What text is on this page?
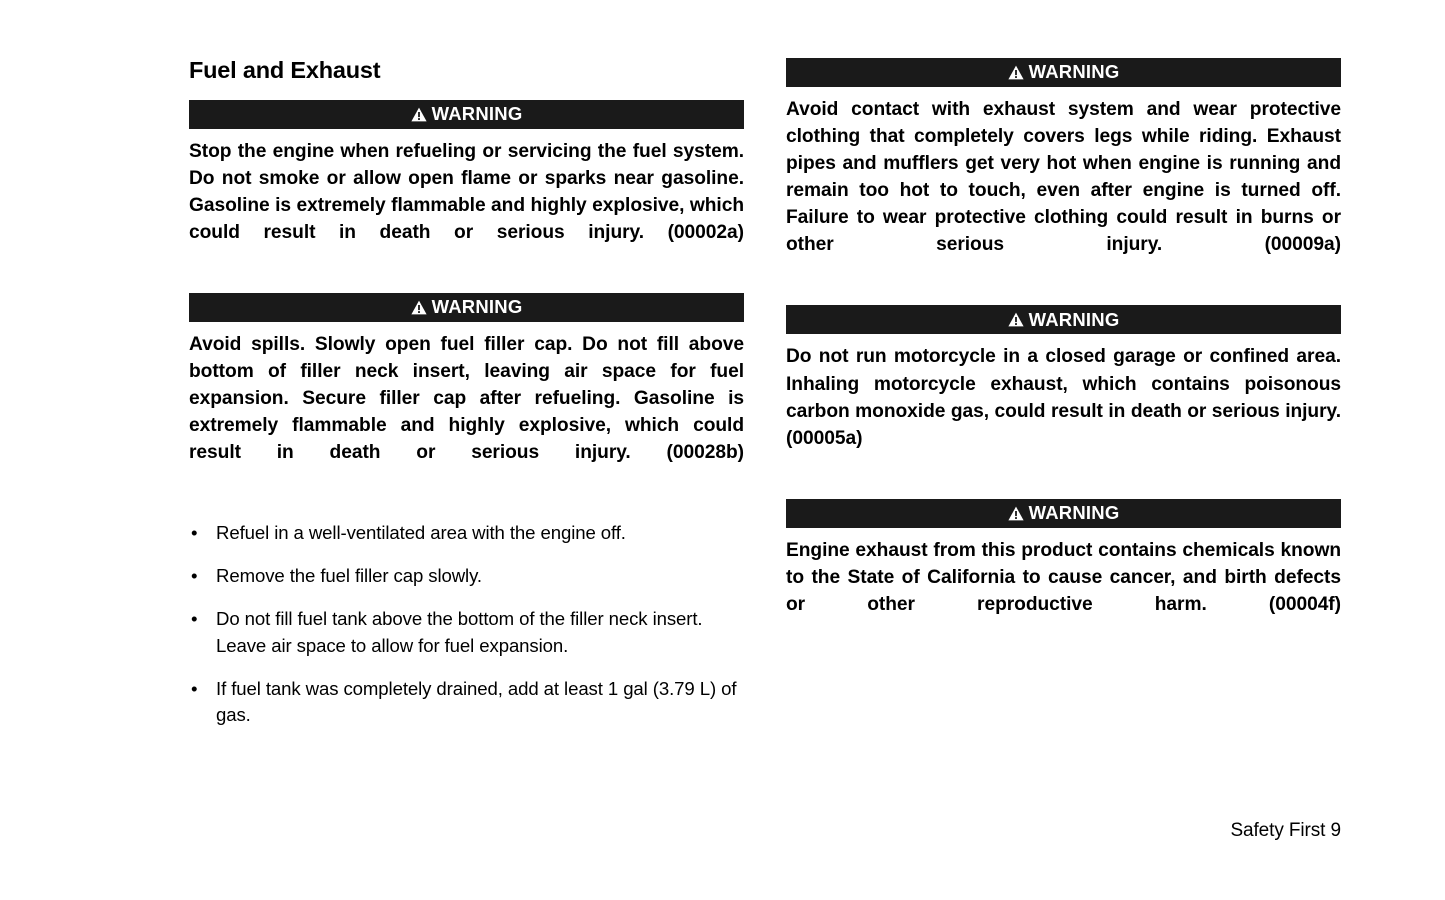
Fuel and Exhaust
WARNING

Stop the engine when refueling or servicing the fuel system. Do not smoke or allow open flame or sparks near gasoline. Gasoline is extremely flammable and highly explosive, which could result in death or serious injury. (00002a)

WARNING

Avoid spills. Slowly open fuel filler cap. Do not fill above bottom of filler neck insert, leaving air space for fuel expansion. Secure filler cap after refueling. Gasoline is extremely flammable and highly explosive, which could result in death or serious injury. (00028b)

• Refuel in a well-ventilated area with the engine off.
• Remove the fuel filler cap slowly.
• Do not fill fuel tank above the bottom of the filler neck insert. Leave air space to allow for fuel expansion.
• If fuel tank was completely drained, add at least 1 gal (3.79 L) of gas.
WARNING

Avoid contact with exhaust system and wear protective clothing that completely covers legs while riding. Exhaust pipes and mufflers get very hot when engine is running and remain too hot to touch, even after engine is turned off. Failure to wear protective clothing could result in burns or other serious injury. (00009a)

WARNING

Do not run motorcycle in a closed garage or confined area. Inhaling motorcycle exhaust, which contains poisonous carbon monoxide gas, could result in death or serious injury. (00005a)

WARNING

Engine exhaust from this product contains chemicals known to the State of California to cause cancer, and birth defects or other reproductive harm. (00004f)

Safety First 9
